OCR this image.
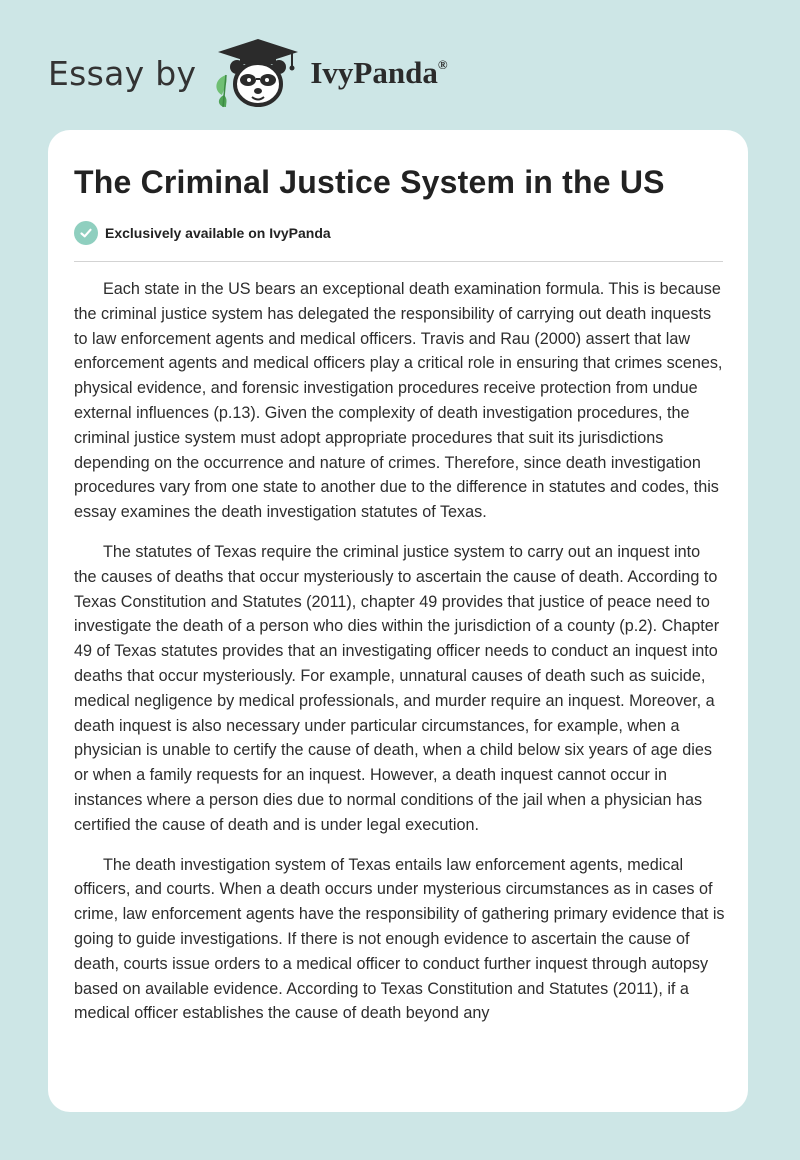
Essay by	IvyPanda®
The Criminal Justice System in the US
Exclusively available on IvyPanda

Each state in the US bears an exceptional death examination formula. This is because the criminal justice system has delegated the responsibility of carrying out death inquests to law enforcement agents and medical officers. Travis and Rau (2000) assert that law enforcement agents and medical officers play a critical role in ensuring that crimes scenes, physical evidence, and forensic investigation procedures receive protection from undue external influences (p.13). Given the complexity of death investigation procedures, the criminal justice system must adopt appropriate procedures that suit its jurisdictions depending on the occurrence and nature of crimes. Therefore, since death investigation procedures vary from one state to another due to the difference in statutes and codes, this essay examines the death investigation statutes of Texas.

The statutes of Texas require the criminal justice system to carry out an inquest into the causes of deaths that occur mysteriously to ascertain the cause of death. According to Texas Constitution and Statutes (2011), chapter 49 provides that justice of peace need to investigate the death of a person who dies within the jurisdiction of a county (p.2). Chapter 49 of Texas statutes provides that an investigating officer needs to conduct an inquest into deaths that occur mysteriously. For example, unnatural causes of death such as suicide, medical negligence by medical professionals, and murder require an inquest. Moreover, a death inquest is also necessary under particular circumstances, for example, when a physician is unable to certify the cause of death, when a child below six years of age dies or when a family requests for an inquest. However, a death inquest cannot occur in instances where a person dies due to normal conditions of the jail when a physician has certified the cause of death and is under legal execution.

The death investigation system of Texas entails law enforcement agents, medical officers, and courts. When a death occurs under mysterious circumstances as in cases of crime, law enforcement agents have the responsibility of gathering primary evidence that is going to guide investigations. If there is not enough evidence to ascertain the cause of death, courts issue orders to a medical officer to conduct further inquest through autopsy based on available evidence. According to Texas Constitution and Statutes (2011), if a medical officer establishes the cause of death beyond any
